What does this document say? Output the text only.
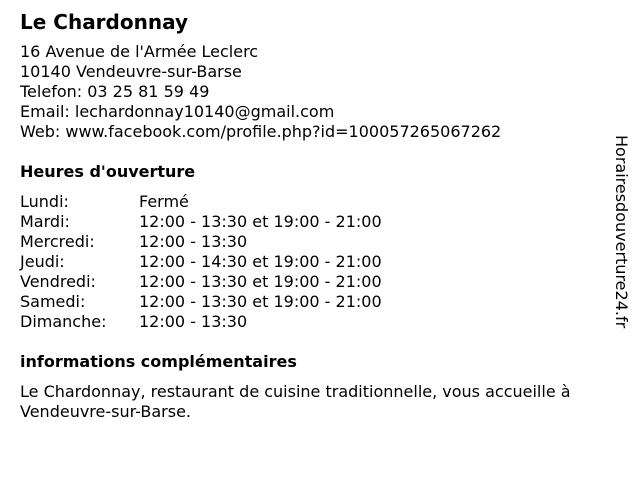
Le Chardonnay
16 Avenue de l'Armée Leclerc
10140 Vendeuvre-sur-Barse
Telefon: 03 25 81 59 49
Email: lechardonnay10140@gmail.com
Web: www.facebook.com/profile.php?id=100057265067262
Heures d'ouverture
Lundi:	Fermé
Mardi:	12:00 - 13:30 et 19:00 - 21:00
Mercredi:	12:00 - 13:30
Jeudi:	12:00 - 14:30 et 19:00 - 21:00
Vendredi:	12:00 - 13:30 et 19:00 - 21:00
Samedi:	12:00 - 13:30 et 19:00 - 21:00
Dimanche:	12:00 - 13:30
informations complémentaires
Le Chardonnay, restaurant de cuisine traditionnelle, vous accueille à Vendeuvre-sur-Barse.
Horairesdouverture24.fr
